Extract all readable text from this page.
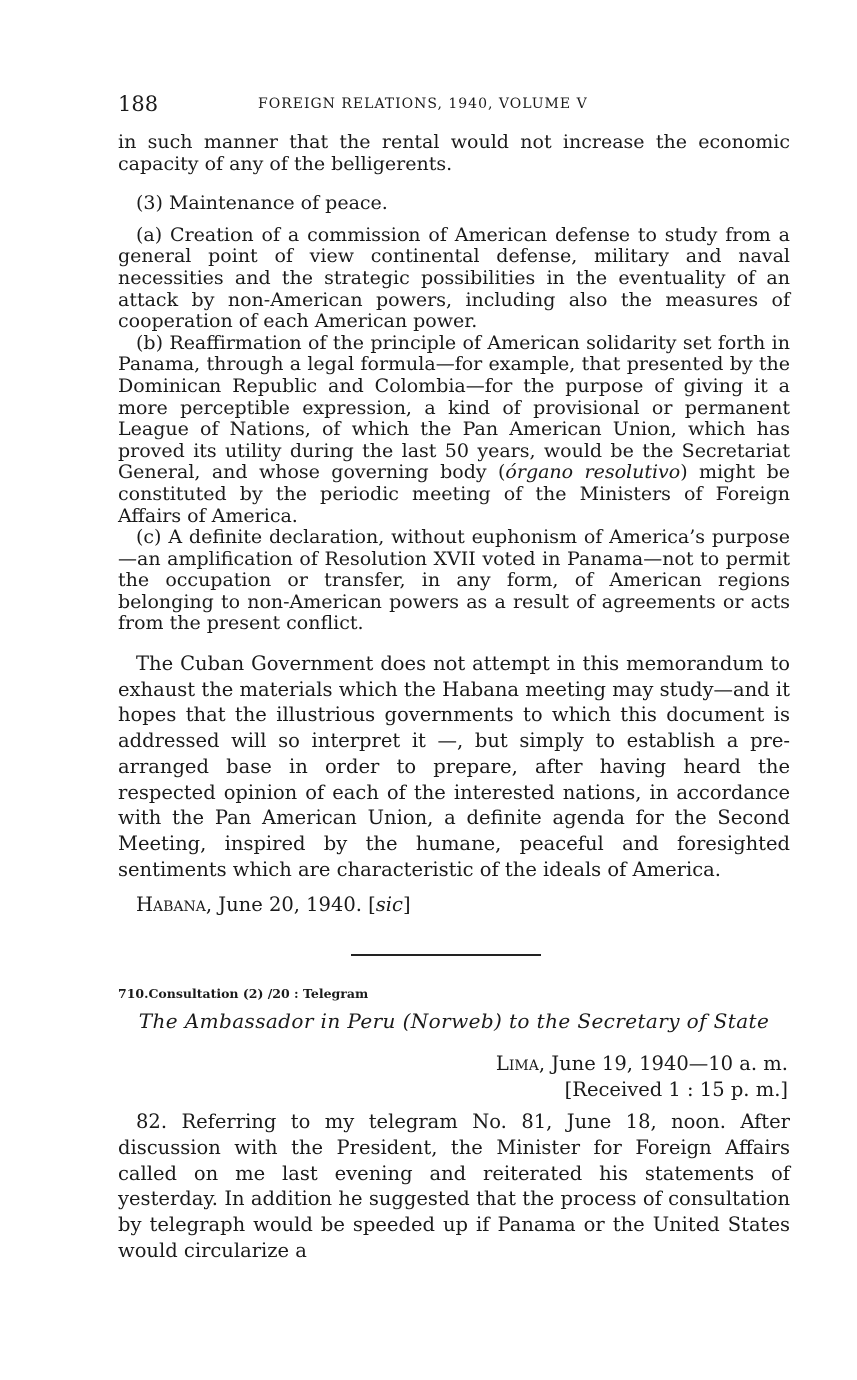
188	FOREIGN RELATIONS, 1940, VOLUME V

in such manner that the rental would not increase the economic capacity of any of the belligerents.

(3) Maintenance of peace.

(a) Creation of a commission of American defense to study from a general point of view continental defense, military and naval necessities and the strategic possibilities in the eventuality of an attack by non-American powers, including also the measures of cooperation of each American power.

(b) Reaffirmation of the principle of American solidarity set forth in Panama, through a legal formula—for example, that presented by the Dominican Republic and Colombia—for the purpose of giving it a more perceptible expression, a kind of provisional or permanent League of Nations, of which the Pan American Union, which has proved its utility during the last 50 years, would be the Secretariat General, and whose governing body (órgano resolutivo) might be constituted by the periodic meeting of the Ministers of Foreign Affairs of America.

(c) A definite declaration, without euphonism of America’s purpose—an amplification of Resolution XVII voted in Panama—not to permit the occupation or transfer, in any form, of American regions belonging to non-American powers as a result of agreements or acts from the present conflict.

The Cuban Government does not attempt in this memorandum to exhaust the materials which the Habana meeting may study—and it hopes that the illustrious governments to which this document is addressed will so interpret it —, but simply to establish a pre-arranged base in order to prepare, after having heard the respected opinion of each of the interested nations, in accordance with the Pan American Union, a definite agenda for the Second Meeting, inspired by the humane, peaceful and foresighted sentiments which are characteristic of the ideals of America.

Habana, June 20, 1940. [sic]

710.Consultation (2) /20 : Telegram

The Ambassador in Peru (Norweb) to the Secretary of State

Lima, June 19, 1940—10 a. m.
[Received 1 : 15 p. m.]

82. Referring to my telegram No. 81, June 18, noon. After discussion with the President, the Minister for Foreign Affairs called on me last evening and reiterated his statements of yesterday. In addition he suggested that the process of consultation by telegraph would be speeded up if Panama or the United States would circularize a
